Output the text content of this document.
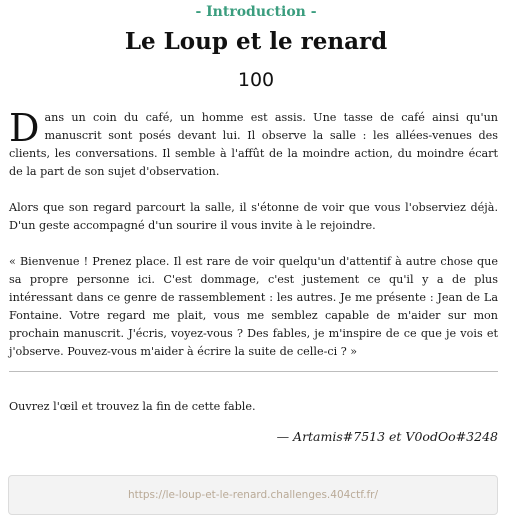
- Introduction -
Le Loup et le renard
100

Dans un coin du café, un homme est assis. Une tasse de café ainsi qu'un manuscrit sont posés devant lui. Il observe la salle : les allées-venues des clients, les conversations. Il semble à l'affût de la moindre action, du moindre écart de la part de son sujet d'observation.

Alors que son regard parcourt la salle, il s'étonne de voir que vous l'observiez déjà. D'un geste accompagné d'un sourire il vous invite à le rejoindre.

« Bienvenue ! Prenez place. Il est rare de voir quelqu'un d'attentif à autre chose que sa propre personne ici. C'est dommage, c'est justement ce qu'il y a de plus intéressant dans ce genre de rassemblement : les autres. Je me présente : Jean de La Fontaine. Votre regard me plait, vous me semblez capable de m'aider sur mon prochain manuscrit. J'écris, voyez-vous ? Des fables, je m'inspire de ce que je vois et j'observe. Pouvez-vous m'aider à écrire la suite de celle-ci ? »

Ouvrez l'œil et trouvez la fin de cette fable.
— Artamis#7513 et V0odOo#3248
https://le-loup-et-le-renard.challenges.404ctf.fr/
